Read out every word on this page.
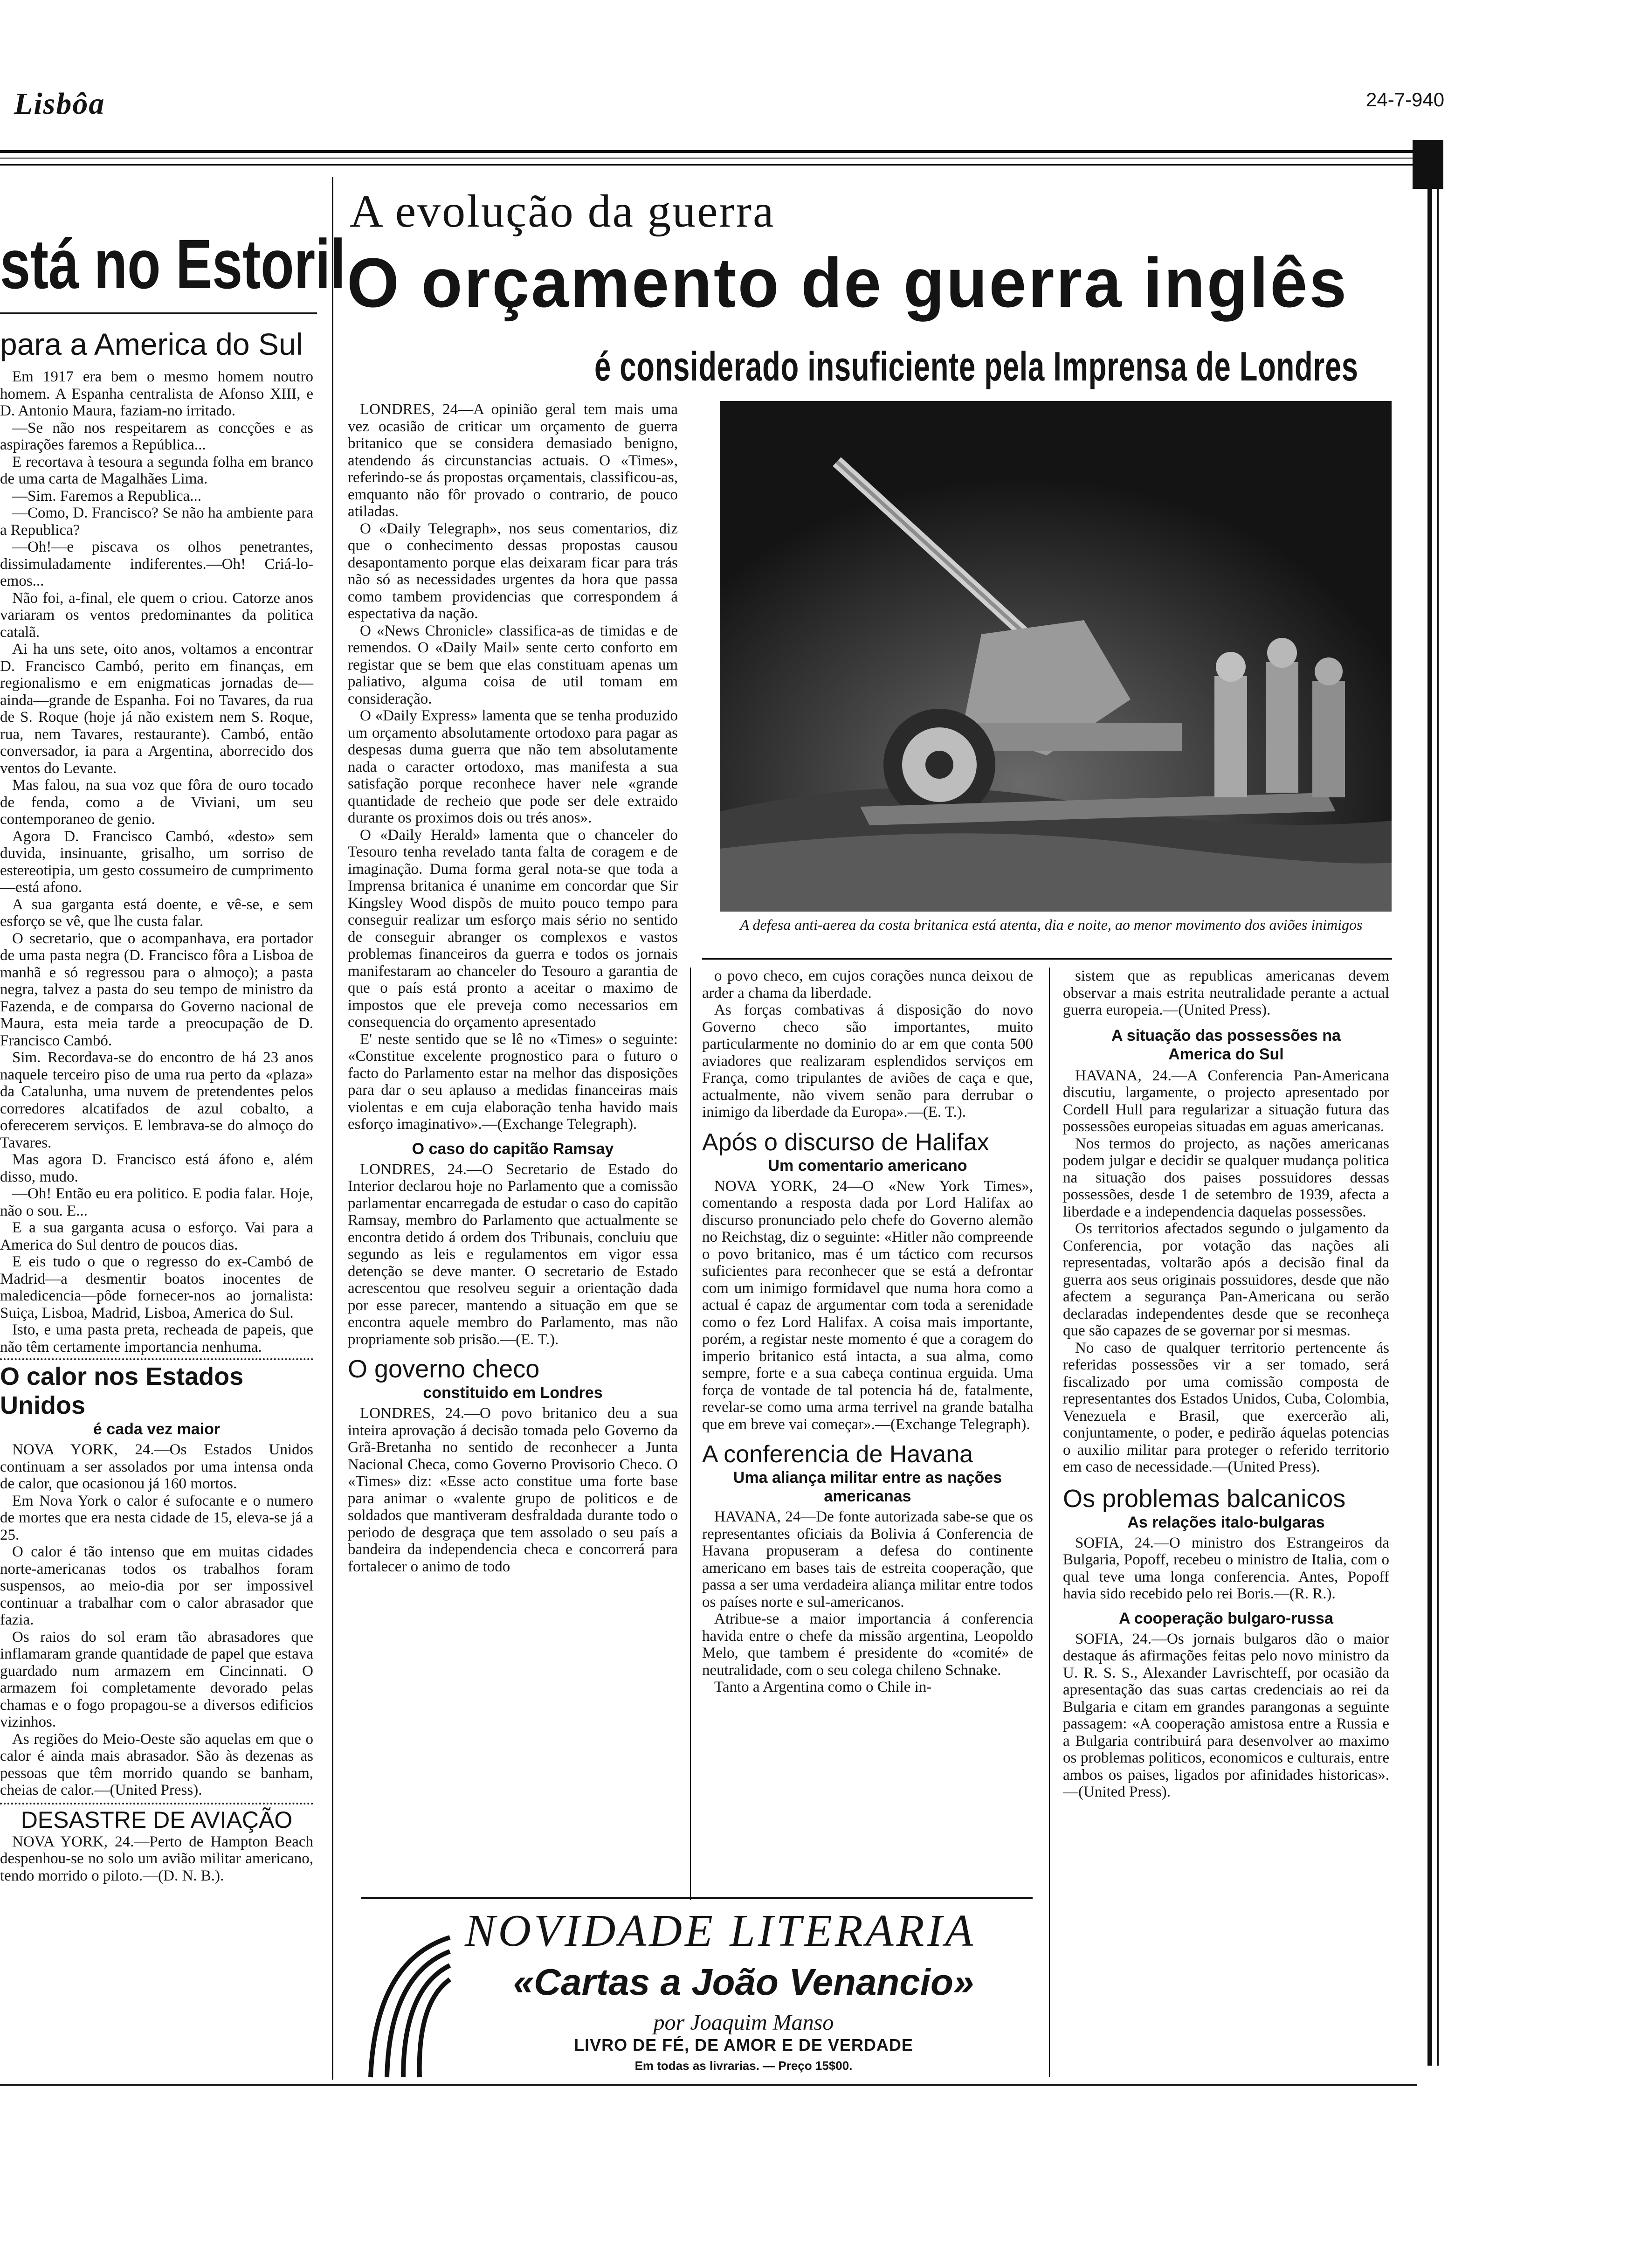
Lisbôa	24-7-940
stá no Estoril
para a America do Sul

Em 1917 era bem o mesmo homem noutro homem. A Espanha centralista de Afonso XIII, e D. Antonio Maura, faziam-no irritado.

—Se não nos respeitarem as concções e as aspirações faremos a República...

E recortava à tesoura a segunda folha em branco de uma carta de Magalhães Lima.

—Sim. Faremos a Republica...

—Como, D. Francisco? Se não ha ambiente para a Republica?

—Oh!—e piscava os olhos penetrantes, dissimuladamente indiferentes.—Oh! Criá-lo-emos...

Não foi, a-final, ele quem o criou. Catorze anos variaram os ventos predominantes da politica catalã.

Ai ha uns sete, oito anos, voltamos a encontrar D. Francisco Cambó, perito em finanças, em regionalismo e em enigmaticas jornadas de—ainda—grande de Espanha. Foi no Tavares, da rua de S. Roque (hoje já não existem nem S. Roque, rua, nem Tavares, restaurante). Cambó, então conversador, ia para a Argentina, aborrecido dos ventos do Levante.

Mas falou, na sua voz que fôra de ouro tocado de fenda, como a de Viviani, um seu contemporaneo de genio.

Agora D. Francisco Cambó, «desto» sem duvida, insinuante, grisalho, um sorriso de estereotipia, um gesto cossumeiro de cumprimento—está afono.

A sua garganta está doente, e vê-se, e sem esforço se vê, que lhe custa falar.

O secretario, que o acompanhava, era portador de uma pasta negra (D. Francisco fôra a Lisboa de manhã e só regressou para o almoço); a pasta negra, talvez a pasta do seu tempo de ministro da Fazenda, e de comparsa do Governo nacional de Maura, esta meia tarde a preocupação de D. Francisco Cambó.

Sim. Recordava-se do encontro de há 23 anos naquele terceiro piso de uma rua perto da «plaza» da Catalunha, uma nuvem de pretendentes pelos corredores alcatifados de azul cobalto, a oferecerem serviços. E lembrava-se do almoço do Tavares.

Mas agora D. Francisco está áfono e, além disso, mudo.

—Oh! Então eu era politico. E podia falar. Hoje, não o sou. E...

E a sua garganta acusa o esforço. Vai para a America do Sul dentro de poucos dias.

E eis tudo o que o regresso do ex-Cambó de Madrid—a desmentir boatos inocentes de maledicencia—pôde fornecer-nos ao jornalista: Suiça, Lisboa, Madrid, Lisboa, America do Sul.

Isto, e uma pasta preta, recheada de papeis, que não têm certamente importancia nenhuma.

O calor nos Estados Unidos
é cada vez maior

NOVA YORK, 24.—Os Estados Unidos continuam a ser assolados por uma intensa onda de calor, que ocasionou já 160 mortos.

Em Nova York o calor é sufocante e o numero de mortes que era nesta cidade de 15, eleva-se já a 25.

O calor é tão intenso que em muitas cidades norte-americanas todos os trabalhos foram suspensos, ao meio-dia por ser impossivel continuar a trabalhar com o calor abrasador que fazia.

Os raios do sol eram tão abrasadores que inflamaram grande quantidade de papel que estava guardado num armazem em Cincinnati. O armazem foi completamente devorado pelas chamas e o fogo propagou-se a diversos edificios vizinhos.

As regiões do Meio-Oeste são aquelas em que o calor é ainda mais abrasador. São às dezenas as pessoas que têm morrido quando se banham, cheias de calor.—(United Press).

DESASTRE DE AVIAÇÃO

NOVA YORK, 24.—Perto de Hampton Beach despenhou-se no solo um avião militar americano, tendo morrido o piloto.—(D. N. B.).

A evolução da guerra
O orçamento de guerra inglês
é considerado insuficiente pela Imprensa de Londres

LONDRES, 24—A opinião geral tem mais uma vez ocasião de criticar um orçamento de guerra britanico que se considera demasiado benigno, atendendo ás circunstancias actuais. O «Times», referindo-se ás propostas orçamentais, classificou-as, emquanto não fôr provado o contrario, de pouco atiladas.

O «Daily Telegraph», nos seus comentarios, diz que o conhecimento dessas propostas causou desapontamento porque elas deixaram ficar para trás não só as necessidades urgentes da hora que passa como tambem providencias que correspondem á espectativa da nação.

O «News Chronicle» classifica-as de timidas e de remendos. O «Daily Mail» sente certo conforto em registar que se bem que elas constituam apenas um paliativo, alguma coisa de util tomam em consideração.

O «Daily Express» lamenta que se tenha produzido um orçamento absolutamente ortodoxo para pagar as despesas duma guerra que não tem absolutamente nada o caracter ortodoxo, mas manifesta a sua satisfação porque reconhece haver nele «grande quantidade de recheio que pode ser dele extraido durante os proximos dois ou trés anos».

O «Daily Herald» lamenta que o chanceler do Tesouro tenha revelado tanta falta de coragem e de imaginação. Duma forma geral nota-se que toda a Imprensa britanica é unanime em concordar que Sir Kingsley Wood dispõs de muito pouco tempo para conseguir realizar um esforço mais sério no sentido de conseguir abranger os complexos e vastos problemas financeiros da guerra e todos os jornais manifestaram ao chanceler do Tesouro a garantia de que o país está pronto a aceitar o maximo de impostos que ele preveja como necessarios em consequencia do orçamento apresentado

E' neste sentido que se lê no «Times» o seguinte: «Constitue excelente prognostico para o futuro o facto do Parlamento estar na melhor das disposições para dar o seu aplauso a medidas financeiras mais violentas e em cuja elaboração tenha havido mais esforço imaginativo».—(Exchange Telegraph).

O caso do capitão Ramsay

LONDRES, 24.—O Secretario de Estado do Interior declarou hoje no Parlamento que a comissão parlamentar encarregada de estudar o caso do capitão Ramsay, membro do Parlamento que actualmente se encontra detido á ordem dos Tribunais, concluiu que segundo as leis e regulamentos em vigor essa detenção se deve manter. O secretario de Estado acrescentou que resolveu seguir a orientação dada por esse parecer, mantendo a situação em que se encontra aquele membro do Parlamento, mas não propriamente sob prisão.—(E. T.).

O governo checo
constituido em Londres

LONDRES, 24.—O povo britanico deu a sua inteira aprovação á decisão tomada pelo Governo da Grã-Bretanha no sentido de reconhecer a Junta Nacional Checa, como Governo Provisorio Checo. O «Times» diz: «Esse acto constitue uma forte base para animar o «valente grupo de politicos e de soldados que mantiveram desfraldada durante todo o periodo de desgraça que tem assolado o seu país a bandeira da independencia checa e concorrerá para fortalecer o animo de todo

A defesa anti-aerea da costa britanica está atenta, dia e noite, ao menor movimento dos aviões inimigos

o povo checo, em cujos corações nunca deixou de arder a chama da liberdade.

As forças combativas á disposição do novo Governo checo são importantes, muito particularmente no dominio do ar em que conta 500 aviadores que realizaram esplendidos serviços em França, como tripulantes de aviões de caça e que, actualmente, não vivem senão para derrubar o inimigo da liberdade da Europa».—(E. T.).

Após o discurso de Halifax
Um comentario americano

NOVA YORK, 24—O «New York Times», comentando a resposta dada por Lord Halifax ao discurso pronunciado pelo chefe do Governo alemão no Reichstag, diz o seguinte: «Hitler não compreende o povo britanico, mas é um táctico com recursos suficientes para reconhecer que se está a defrontar com um inimigo formidavel que numa hora como a actual é capaz de argumentar com toda a serenidade como o fez Lord Halifax. A coisa mais importante, porém, a registar neste momento é que a coragem do imperio britanico está intacta, a sua alma, como sempre, forte e a sua cabeça continua erguida. Uma força de vontade de tal potencia há de, fatalmente, revelar-se como uma arma terrivel na grande batalha que em breve vai começar».—(Exchange Telegraph).

A conferencia de Havana
Uma aliança militar entre as nações americanas

HAVANA, 24—De fonte autorizada sabe-se que os representantes oficiais da Bolivia á Conferencia de Havana propuseram a defesa do continente americano em bases tais de estreita cooperação, que passa a ser uma verdadeira aliança militar entre todos os países norte e sul-americanos.

Atribue-se a maior importancia á conferencia havida entre o chefe da missão argentina, Leopoldo Melo, que tambem é presidente do «comité» de neutralidade, com o seu colega chileno Schnake.

Tanto a Argentina como o Chile in-

sistem que as republicas americanas devem observar a mais estrita neutralidade perante a actual guerra europeia.—(United Press).

A situação das possessões na America do Sul

HAVANA, 24.—A Conferencia Pan-Americana discutiu, largamente, o projecto apresentado por Cordell Hull para regularizar a situação futura das possessões europeias situadas em aguas americanas.

Nos termos do projecto, as nações americanas podem julgar e decidir se qualquer mudança politica na situação dos paises possuidores dessas possessões, desde 1 de setembro de 1939, afecta a liberdade e a independencia daquelas possessões.

Os territorios afectados segundo o julgamento da Conferencia, por votação das nações ali representadas, voltarão após a decisão final da guerra aos seus originais possuidores, desde que não afectem a segurança Pan-Americana ou serão declaradas independentes desde que se reconheça que são capazes de se governar por si mesmas.

No caso de qualquer territorio pertencente ás referidas possessões vir a ser tomado, será fiscalizado por uma comissão composta de representantes dos Estados Unidos, Cuba, Colombia, Venezuela e Brasil, que exercerão ali, conjuntamente, o poder, e pedirão áquelas potencias o auxilio militar para proteger o referido territorio em caso de necessidade.—(United Press).

Os problemas balcanicos
As relações italo-bulgaras

SOFIA, 24.—O ministro dos Estrangeiros da Bulgaria, Popoff, recebeu o ministro de Italia, com o qual teve uma longa conferencia. Antes, Popoff havia sido recebido pelo rei Boris.—(R. R.).

A cooperação bulgaro-russa

SOFIA, 24.—Os jornais bulgaros dão o maior destaque ás afirmações feitas pelo novo ministro da U. R. S. S., Alexander Lavrischteff, por ocasião da apresentação das suas cartas credenciais ao rei da Bulgaria e citam em grandes parangonas a seguinte passagem: «A cooperação amistosa entre a Russia e a Bulgaria contribuirá para desenvolver ao maximo os problemas politicos, economicos e culturais, entre ambos os paises, ligados por afinidades historicas».—(United Press).

NOVIDADE LITERARIA
«Cartas a João Venancio»
por Joaquim Manso
LIVRO DE FÉ, DE AMOR E DE VERDADE
Em todas as livrarias. — Preço 15$00.
